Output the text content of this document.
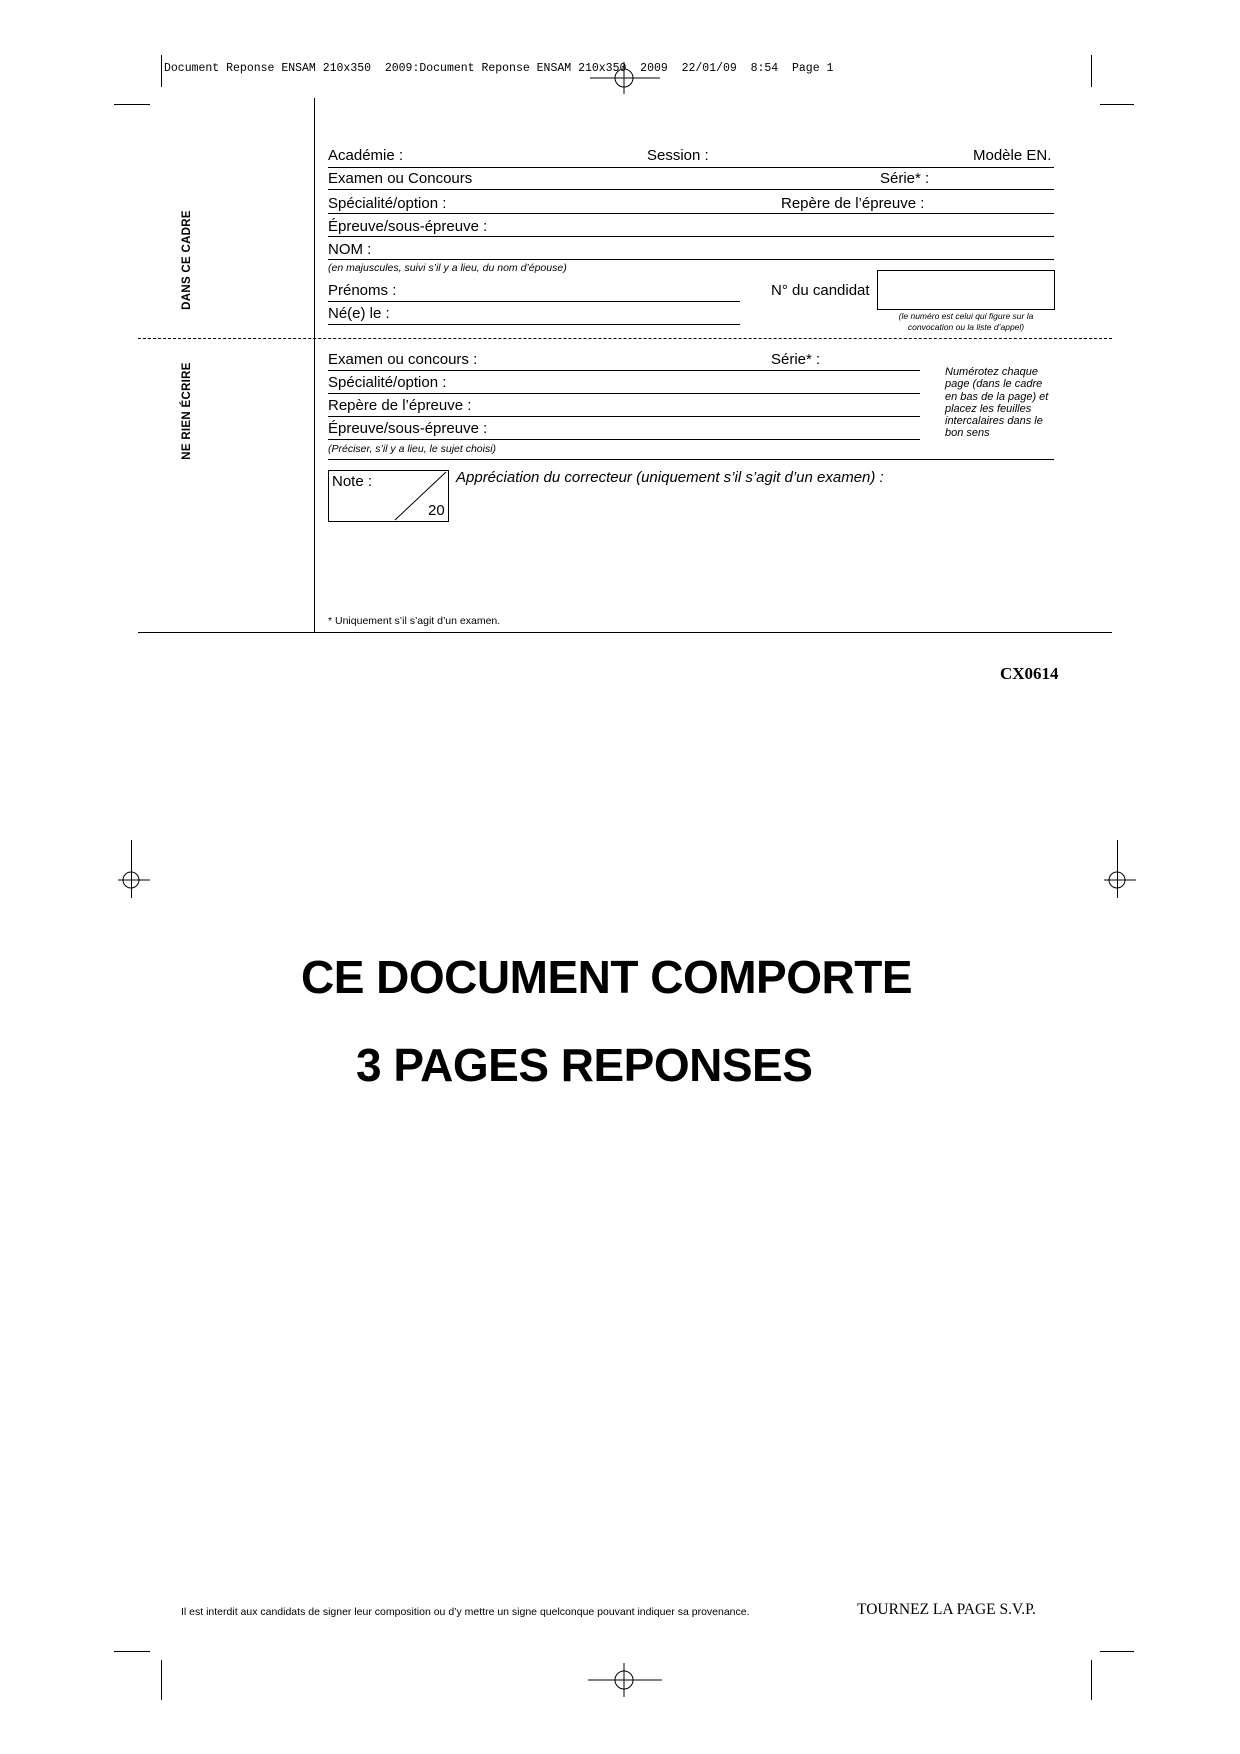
Document Reponse ENSAM 210x350  2009:Document Reponse ENSAM 210x350  2009  22/01/09  8:54  Page 1
DANS CE CADRE
NE RIEN ÉCRIRE
Académie :	Session :	Modèle EN.
Examen ou Concours	Série* :
Spécialité/option :	Repère de l’épreuve :
Épreuve/sous-épreuve :
NOM :
(en majuscules, suivi s’il y a lieu, du nom d’épouse)
Prénoms :
Né(e) le :
N° du candidat
(le numéro est celui qui figure sur la
convocation ou la liste d’appel)
Examen ou concours :	Série* :
Spécialité/option :
Repère de l’épreuve :
Épreuve/sous-épreuve :
(Préciser, s’il y a lieu, le sujet choisi)
Numérotez chaque
page (dans le cadre
en bas de la page) et
placez les feuilles
intercalaires dans le
bon sens
Note :
20
Appréciation du correcteur (uniquement s’il s’agit d’un examen) :
* Uniquement s’il s’agit d’un examen.
CX0614
CE DOCUMENT COMPORTE
3 PAGES REPONSES
Il est interdit aux candidats de signer leur composition ou d’y mettre un signe quelconque pouvant indiquer sa provenance.	TOURNEZ LA PAGE S.V.P.
